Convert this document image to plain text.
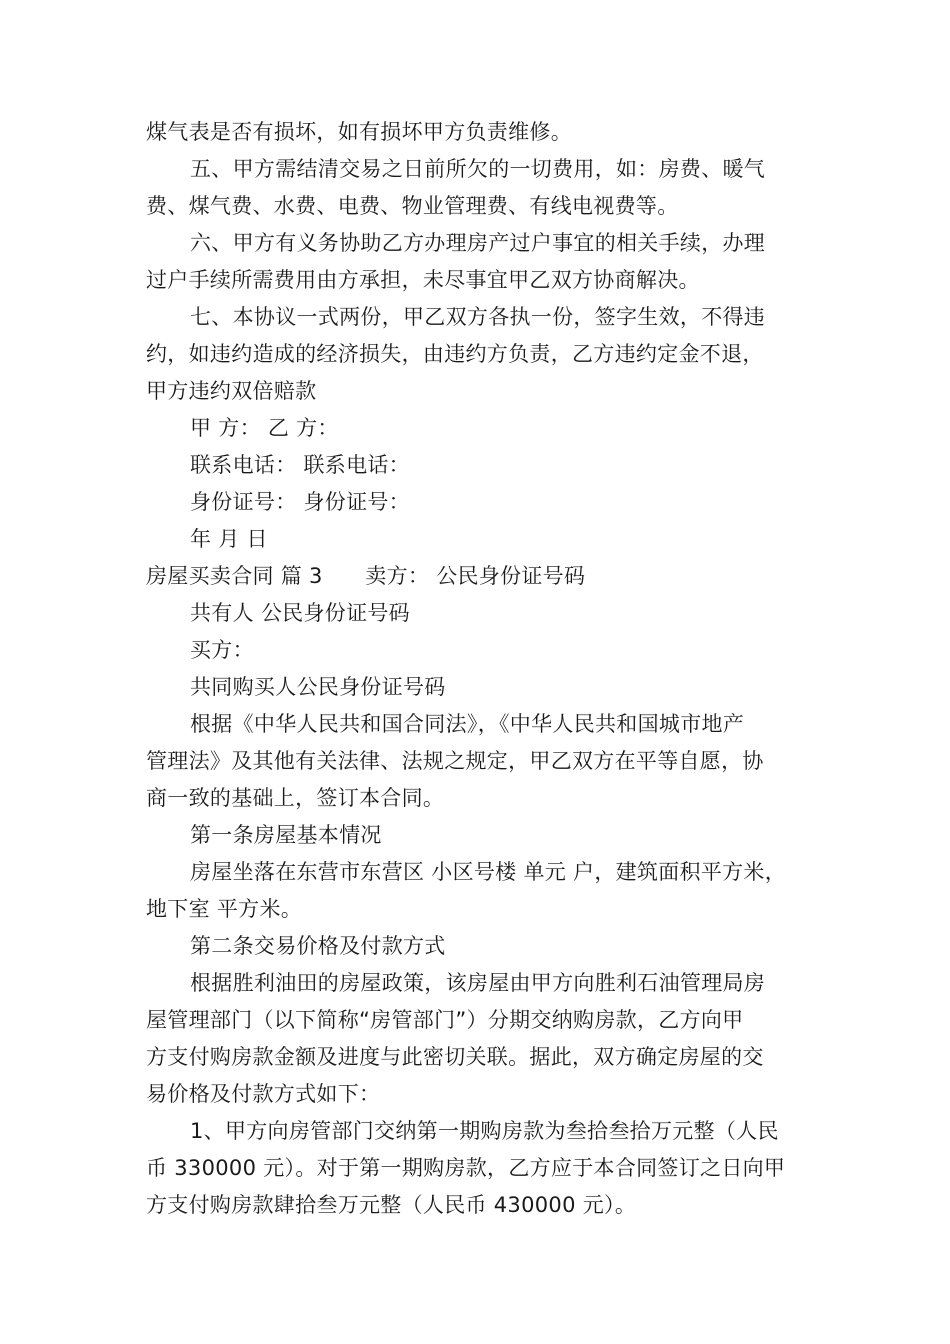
煤气表是否有损坏，如有损坏甲方负责维修。

五、甲方需结清交易之日前所欠的一切费用，如：房费、暖气

费、煤气费、水费、电费、物业管理费、有线电视费等。

六、甲方有义务协助乙方办理房产过户事宜的相关手续，办理

过户手续所需费用由方承担，未尽事宜甲乙双方协商解决。

七、本协议一式两份，甲乙双方各执一份，签字生效，不得违

约，如违约造成的经济损失，由违约方负责，乙方违约定金不退，

甲方违约双倍赔款

甲 方： 乙 方：

联系电话： 联系电话：

身份证号： 身份证号：

年 月 日

房屋买卖合同 篇 3　　卖方： 公民身份证号码

共有人 公民身份证号码

买方：

共同购买人公民身份证号码

根据《中华人民共和国合同法》，《中华人民共和国城市地产

管理法》及其他有关法律、法规之规定，甲乙双方在平等自愿，协

商一致的基础上，签订本合同。

第一条房屋基本情况

房屋坐落在东营市东营区 小区号楼 单元 户，建筑面积平方米，

地下室 平方米。

第二条交易价格及付款方式

根据胜利油田的房屋政策，该房屋由甲方向胜利石油管理局房

屋管理部门（以下简称“房管部门”）分期交纳购房款，乙方向甲

方支付购房款金额及进度与此密切关联。据此，双方确定房屋的交

易价格及付款方式如下：

1、甲方向房管部门交纳第一期购房款为叁拾叁拾万元整（人民

币 330000 元）。对于第一期购房款，乙方应于本合同签订之日向甲

方支付购房款肆拾叁万元整（人民币 430000 元）。
